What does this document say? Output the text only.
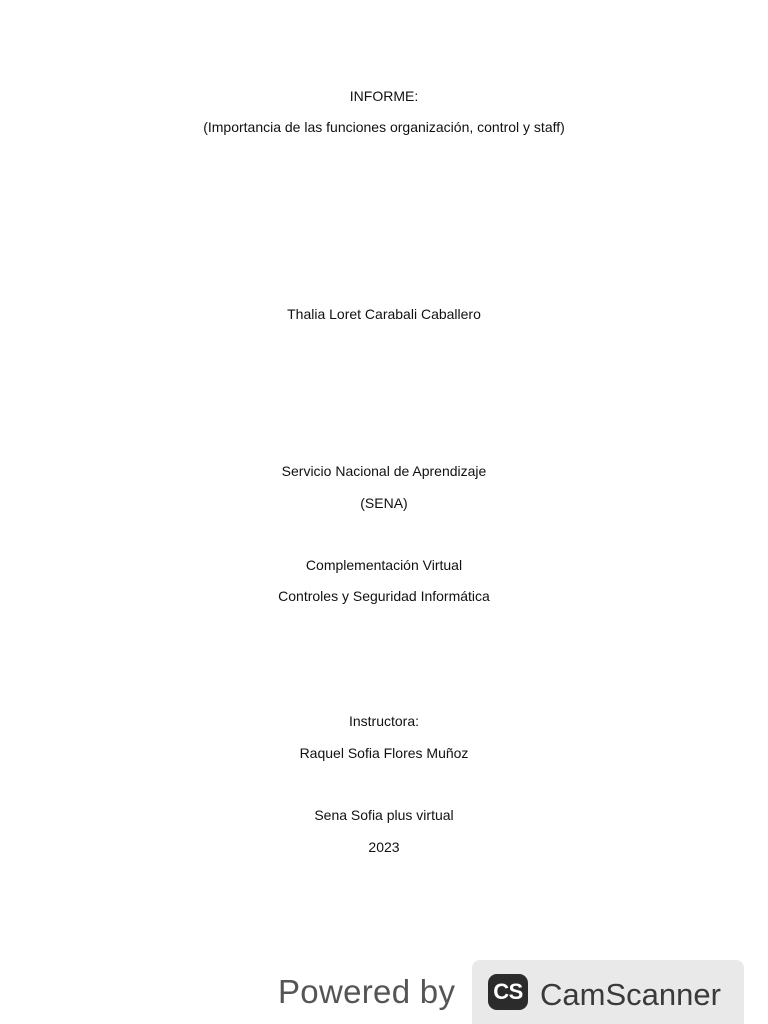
INFORME:
(Importancia de las funciones organización, control y staff)
Thalia Loret Carabali Caballero
Servicio Nacional de Aprendizaje
(SENA)
Complementación Virtual
Controles y Seguridad Informática
Instructora:
Raquel Sofia Flores Muñoz
Sena Sofia plus virtual
2023
Powered by CS CamScanner
